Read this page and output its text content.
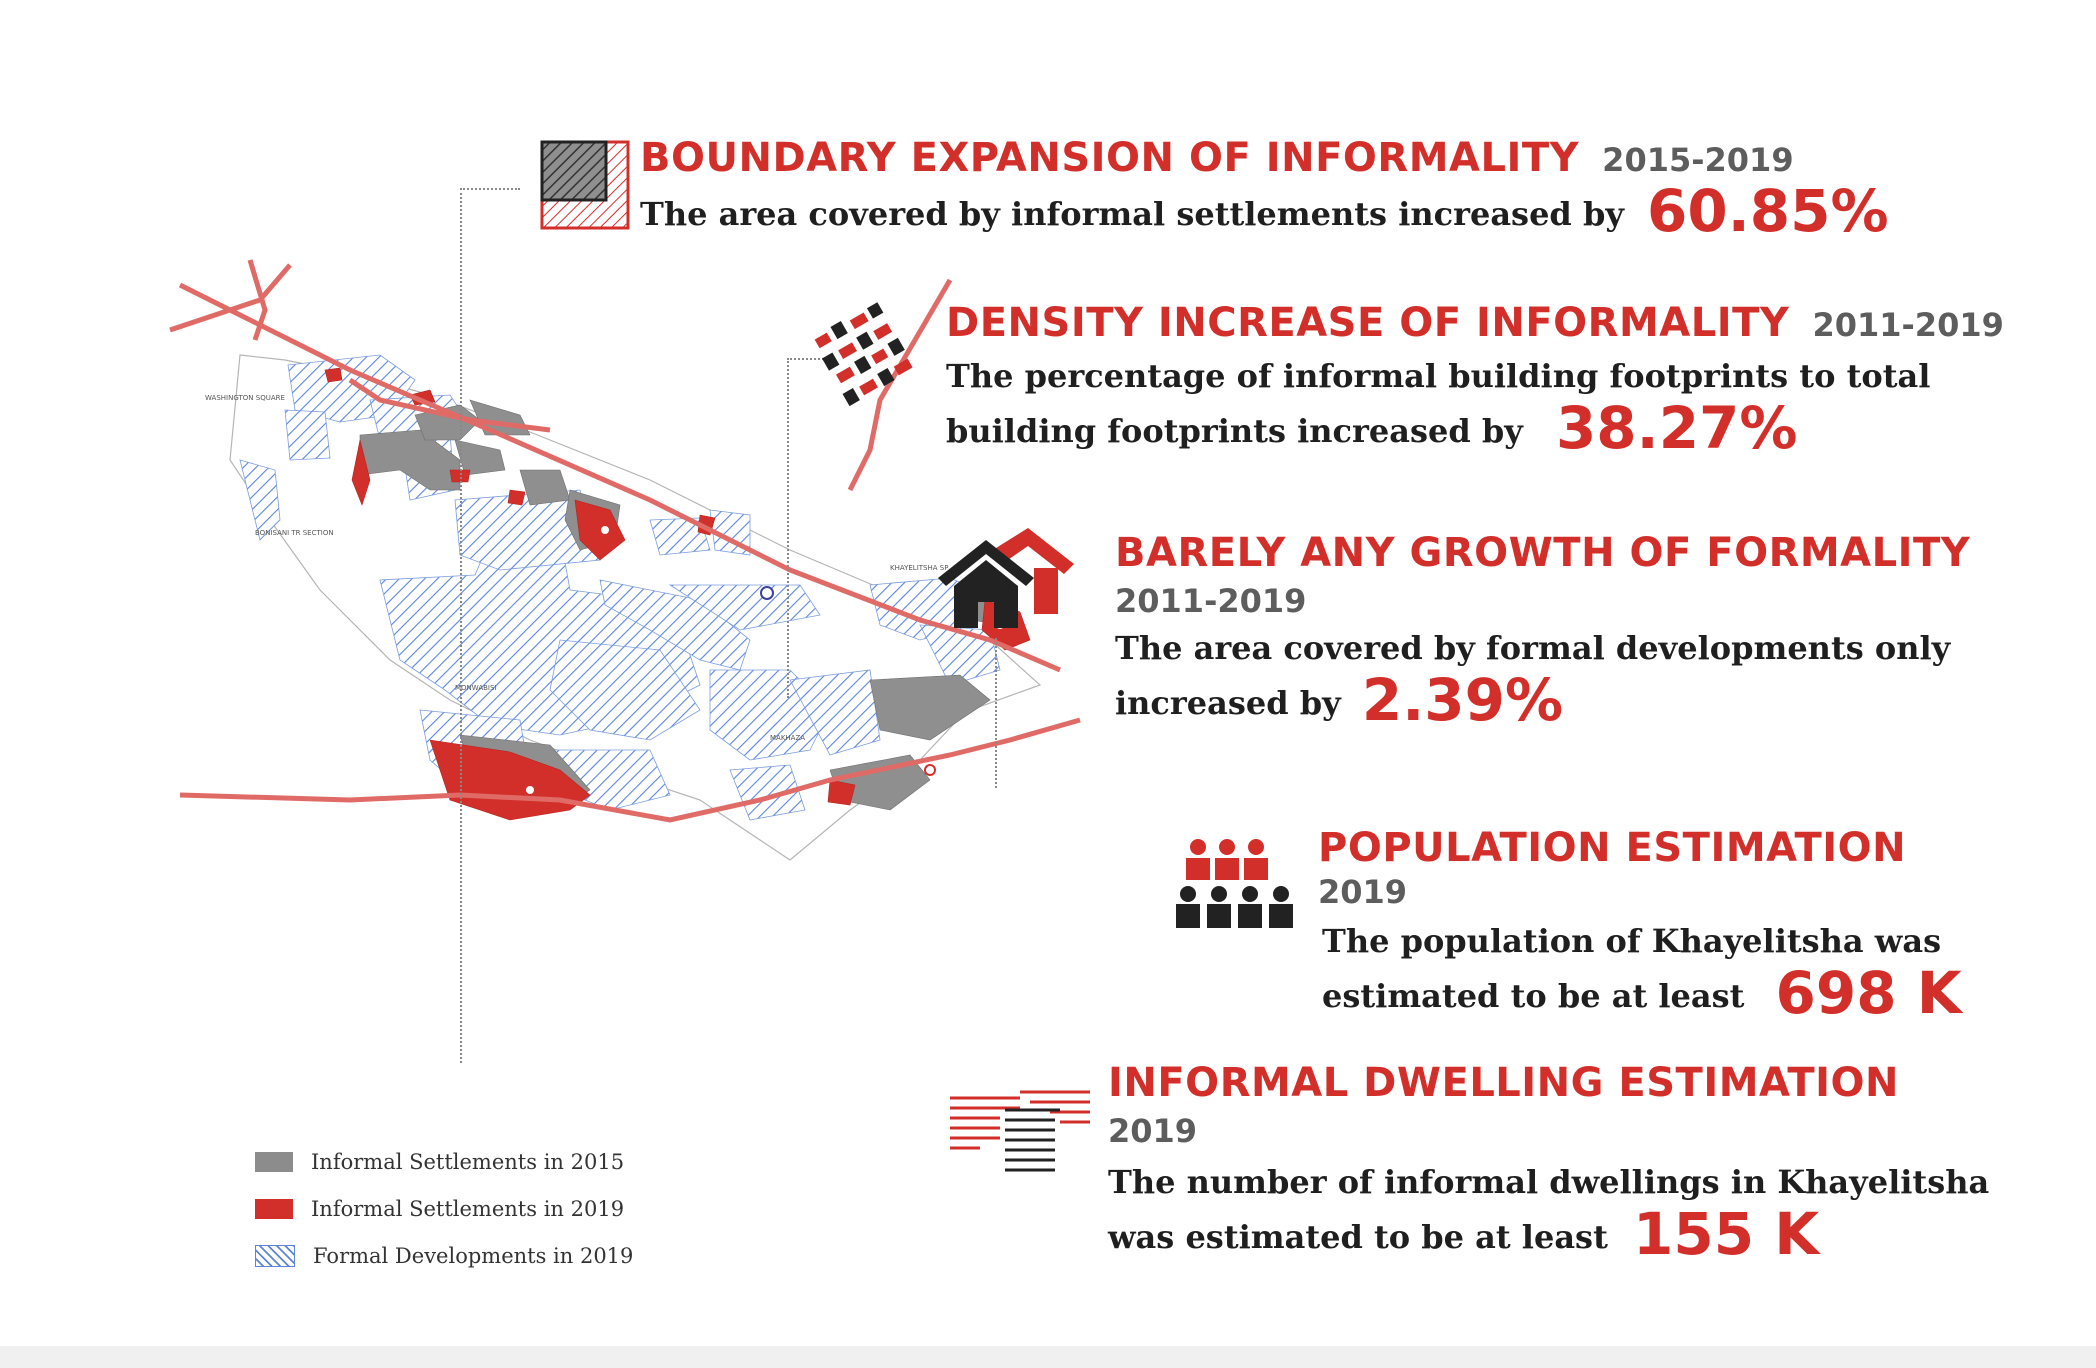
WASHINGTON SQUARE
BONISANI TR SECTION
KHAYELITSHA SP
MONWABISI
MAKHAZA
BOUNDARY EXPANSION OF INFORMALITY 2015-2019
The area covered by informal settlements increased by 60.85%
DENSITY INCREASE OF INFORMALITY 2011-2019
The percentage of informal building footprints to total
building footprints increased by 38.27%
BARELY ANY GROWTH OF FORMALITY
2011-2019
The area covered by formal developments only
increased by 2.39%
POPULATION ESTIMATION
2019
The population of Khayelitsha was
estimated to be at least 698 K
INFORMAL DWELLING ESTIMATION
2019
The number of informal dwellings in Khayelitsha
was estimated to be at least 155 K
Informal Settlements in 2015
Informal Settlements in 2019
Formal Developments in 2019
